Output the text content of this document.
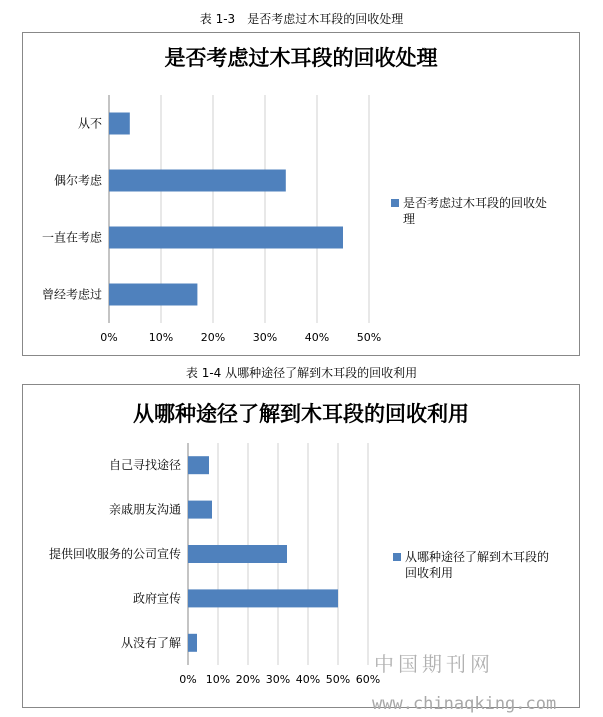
表 1-3　是否考虑过木耳段的回收处理
是否考虑过木耳段的回收处理
0%	10%	20%	30%	40%	50%
从不
偶尔考虑
一直在考虑
曾经考虑过
是否考虑过木耳段的回收处
理
表 1-4 从哪种途径了解到木耳段的回收利用
从哪种途径了解到木耳段的回收利用
0% 10% 20% 30% 40% 50% 60%
自己寻找途径
亲戚朋友沟通
提供回收服务的公司宣传
政府宣传
从没有了解
从哪种途径了解到木耳段的
回收利用
中国期刊网
www.chinaqking.com
